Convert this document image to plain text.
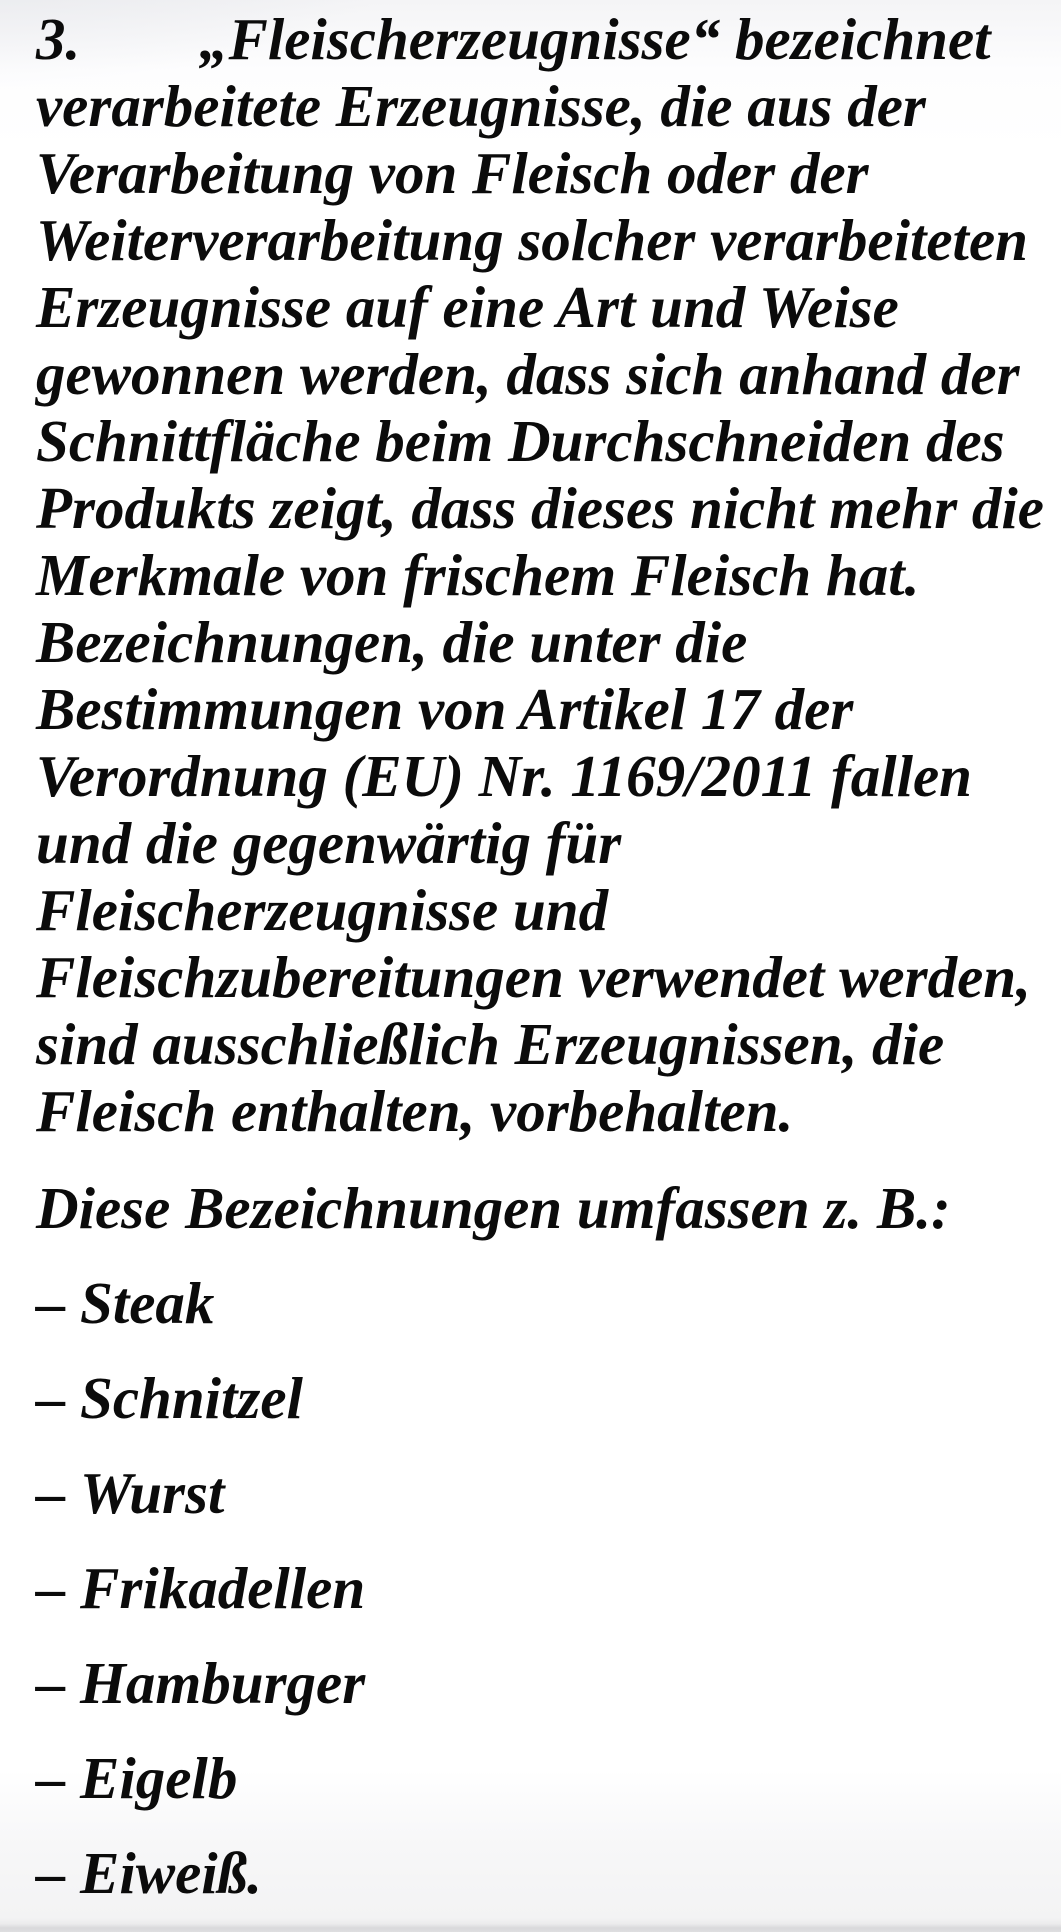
3. „Fleischerzeugnisse“ bezeichnet
verarbeitete Erzeugnisse, die aus der
Verarbeitung von Fleisch oder der
Weiterverarbeitung solcher verarbeiteten
Erzeugnisse auf eine Art und Weise
gewonnen werden, dass sich anhand der
Schnittfläche beim Durchschneiden des
Produkts zeigt, dass dieses nicht mehr die
Merkmale von frischem Fleisch hat.
Bezeichnungen, die unter die
Bestimmungen von Artikel 17 der
Verordnung (EU) Nr. 1169/2011 fallen
und die gegenwärtig für
Fleischerzeugnisse und
Fleischzubereitungen verwendet werden,
sind ausschließlich Erzeugnissen, die
Fleisch enthalten, vorbehalten.
Diese Bezeichnungen umfassen z. B.:
– Steak
– Schnitzel
– Wurst
– Frikadellen
– Hamburger
– Eigelb
– Eiweiß.
